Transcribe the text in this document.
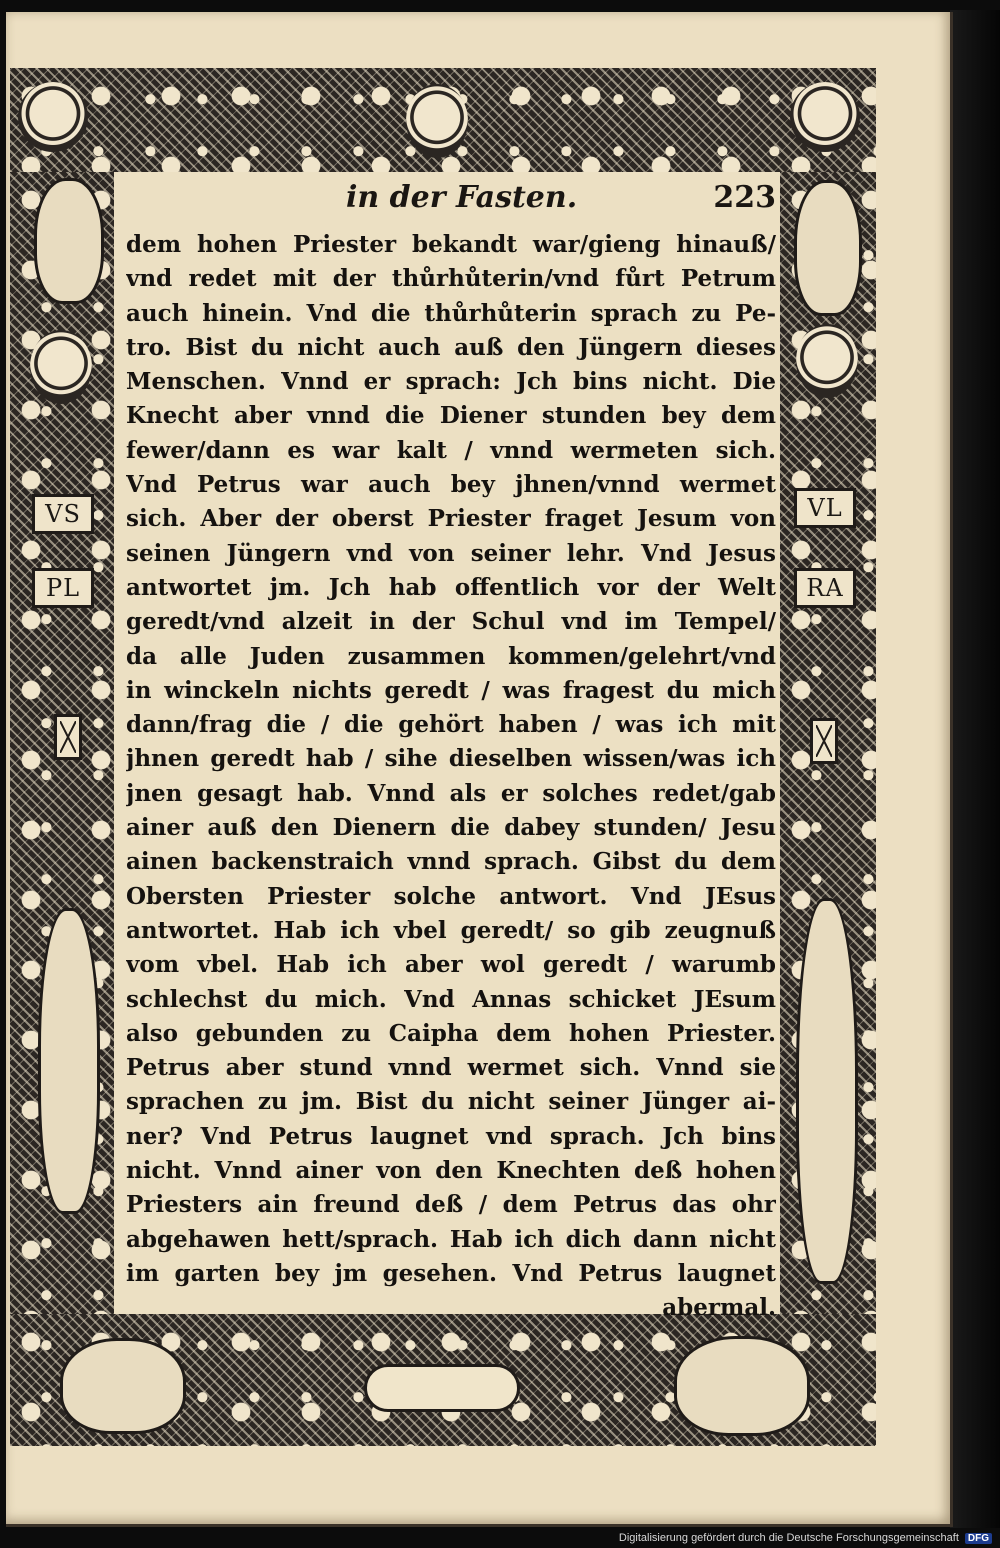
VS
PL
VL
RA
in der Fasten.	223
dem hohen Priester bekandt war/gieng hinauß/
vnd redet mit der thůrhůterin/vnd fůrt Petrum
auch hinein. Vnd die thůrhůterin sprach zu Pe-
tro. Bist du nicht auch auß den Jüngern dieses
Menschen. Vnnd er sprach: Jch bins nicht. Die
Knecht aber vnnd die Diener stunden bey dem
fewer/dann es war kalt / vnnd wermeten sich.
Vnd Petrus war auch bey jhnen/vnnd wermet
sich. Aber der oberst Priester fraget Jesum von
seinen Jüngern vnd von seiner lehr. Vnd Jesus
antwortet jm. Jch hab offentlich vor der Welt
geredt/vnd alzeit in der Schul vnd im Tempel/
da alle Juden zusammen kommen/gelehrt/vnd
in winckeln nichts geredt / was fragest du mich
dann/frag die / die gehört haben / was ich mit
jhnen geredt hab / sihe dieselben wissen/was ich
jnen gesagt hab. Vnnd als er solches redet/gab
ainer auß den Dienern die dabey stunden/ Jesu
ainen backenstraich vnnd sprach. Gibst du dem
Obersten Priester solche antwort. Vnd JEsus
antwortet. Hab ich vbel geredt/ so gib zeugnuß
vom vbel. Hab ich aber wol geredt / warumb
schlechst du mich. Vnd Annas schicket JEsum
also gebunden zu Caipha dem hohen Priester.
Petrus aber stund vnnd wermet sich. Vnnd sie
sprachen zu jm. Bist du nicht seiner Jünger ai-
ner? Vnd Petrus laugnet vnd sprach. Jch bins
nicht. Vnnd ainer von den Knechten deß hohen
Priesters ain freund deß / dem Petrus das ohr
abgehawen hett/sprach. Hab ich dich dann nicht
im garten bey jm gesehen. Vnd Petrus laugnet
abermal.
Digitalisierung gefördert durch die Deutsche Forschungsgemeinschaft DFG
